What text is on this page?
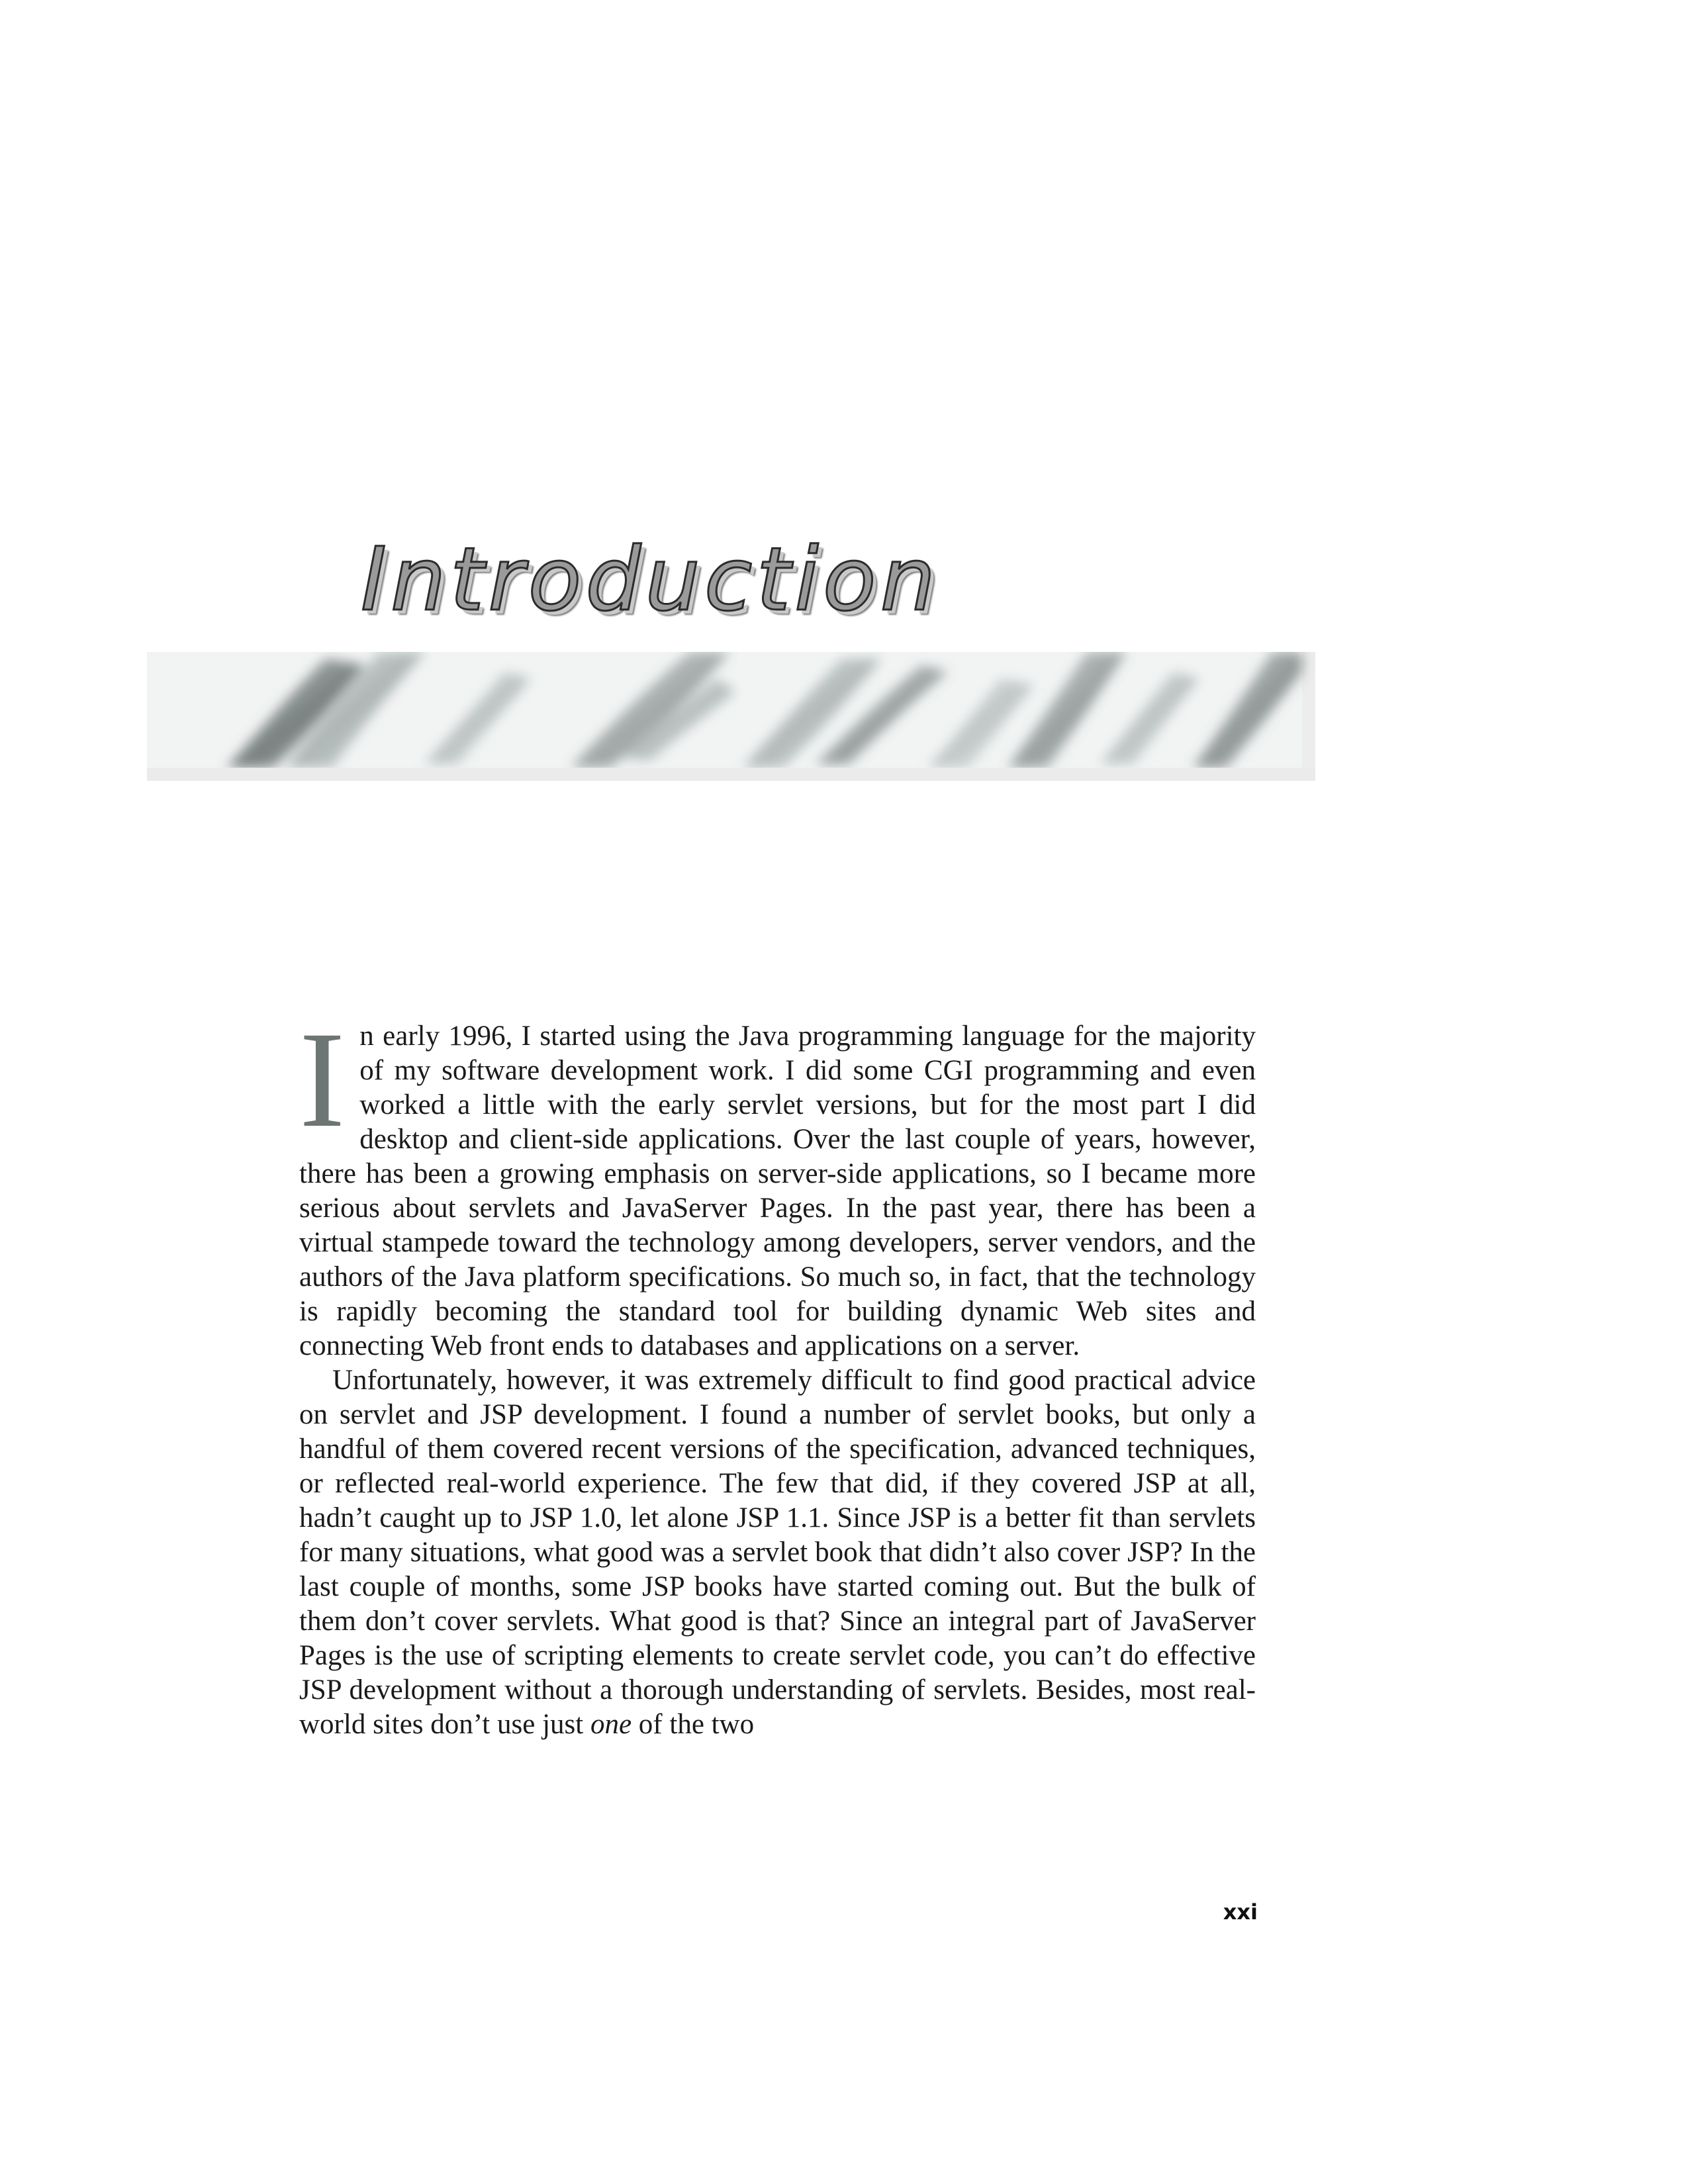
Introduction

In early 1996, I started using the Java programming language for the majority of my software development work. I did some CGI programming and even worked a little with the early servlet versions, but for the most part I did desktop and client-side applications. Over the last couple of years, however, there has been a growing emphasis on server-side applications, so I became more serious about servlets and JavaServer Pages. In the past year, there has been a virtual stampede toward the technology among developers, server vendors, and the authors of the Java platform specifications. So much so, in fact, that the technology is rapidly becoming the standard tool for building dynamic Web sites and connecting Web front ends to databases and applications on a server.

Unfortunately, however, it was extremely difficult to find good practical advice on servlet and JSP development. I found a number of servlet books, but only a handful of them covered recent versions of the specification, advanced techniques, or reflected real-world experience. The few that did, if they covered JSP at all, hadn’t caught up to JSP 1.0, let alone JSP 1.1. Since JSP is a better fit than servlets for many situations, what good was a servlet book that didn’t also cover JSP? In the last couple of months, some JSP books have started coming out. But the bulk of them don’t cover servlets. What good is that? Since an integral part of JavaServer Pages is the use of scripting elements to create servlet code, you can’t do effective JSP development without a thorough understanding of servlets. Besides, most real-world sites don’t use just one of the two

xxi
